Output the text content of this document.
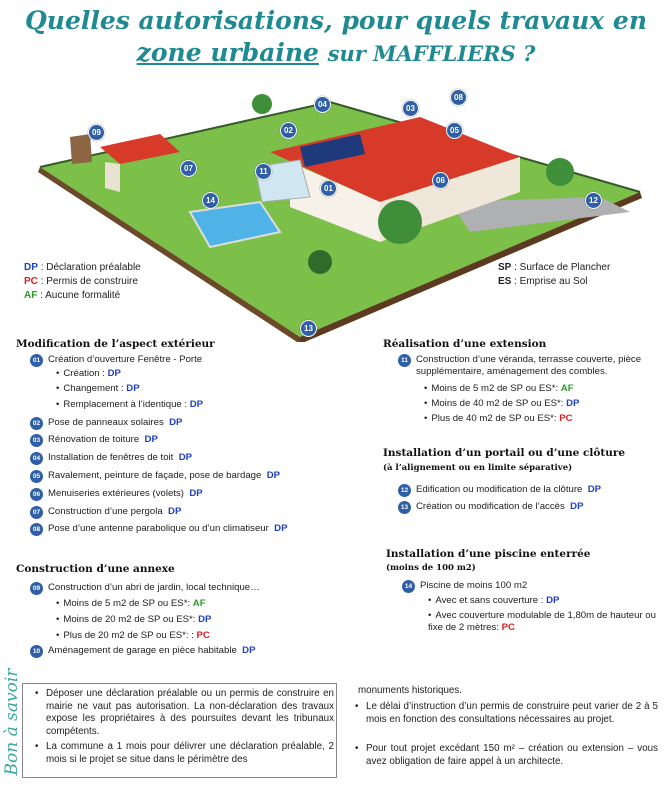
Quelles autorisations, pour quels travaux en
zone urbaine sur MAFFLIERS ?
09
07
14
11
02
04	03
08
05
01
06
12
13
DP : Déclaration préalable
PC : Permis de construire
AF : Aucune formalité
SP : Surface de Plancher
ES : Emprise au Sol
Modification de l’aspect extérieur
01 Création d’ouverture Fenêtre - Porte
• Création : DP
• Changement : DP
• Remplacement à l’identique : DP
02 Pose de panneaux solaires
DP
03 Rénovation de toiture
DP
04 Installation de fenêtres de toit
DP
05 Ravalement, peinture de façade, pose de bardage
DP
06 Menuiseries extérieures (volets)
DP
07 Construction d’une pergola
DP
08 Pose d’une antenne parabolique ou d’un climatiseur
DP
Construction d’une annexe
09 Construction d’un abri de jardin, local technique…
• Moins de 5 m2 de SP ou ES*: AF
• Moins de 20 m2 de SP ou ES*: DP
• Plus de 20 m2 de SP ou ES*: : PC
10 Aménagement de garage en pièce habitable
DP
Réalisation d’une extension
11 Construction d’une véranda, terrasse couverte, pièce supplémentaire, aménagement des combles.
• Moins de 5 m2 de SP ou ES*: AF
• Moins de 40 m2 de SP ou ES*: DP
• Plus de 40 m2 de SP ou ES*: PC
Installation d’un portail ou d’une clôture
(à l’alignement ou en limite séparative)
12 Edification ou modification de la clôture
DP
13 Création ou modification de l’accès
DP
Installation d’une piscine enterrée
(moins de 100 m2)
14 Piscine de moins 100 m2
• Avec et sans couverture : DP
• Avec couverture modulable de 1,80m de hauteur ou fixe de 2 mètres: PC
Bon à savoir
• Déposer une déclaration préalable ou un permis de construire en mairie ne vaut pas autorisation. La non-déclaration des travaux expose les propriétaires à des poursuites devant les tribunaux compétents.
• La commune a 1 mois pour délivrer une déclaration préalable, 2 mois si le projet se situe dans le périmètre des
monuments historiques.
• Le délai d’instruction d’un permis de construire peut varier de 2 à 5 mois en fonction des consultations nécessaires au projet.
• Pour tout projet excédant 150 m² – création ou extension – vous avez obligation de faire appel à un architecte.
